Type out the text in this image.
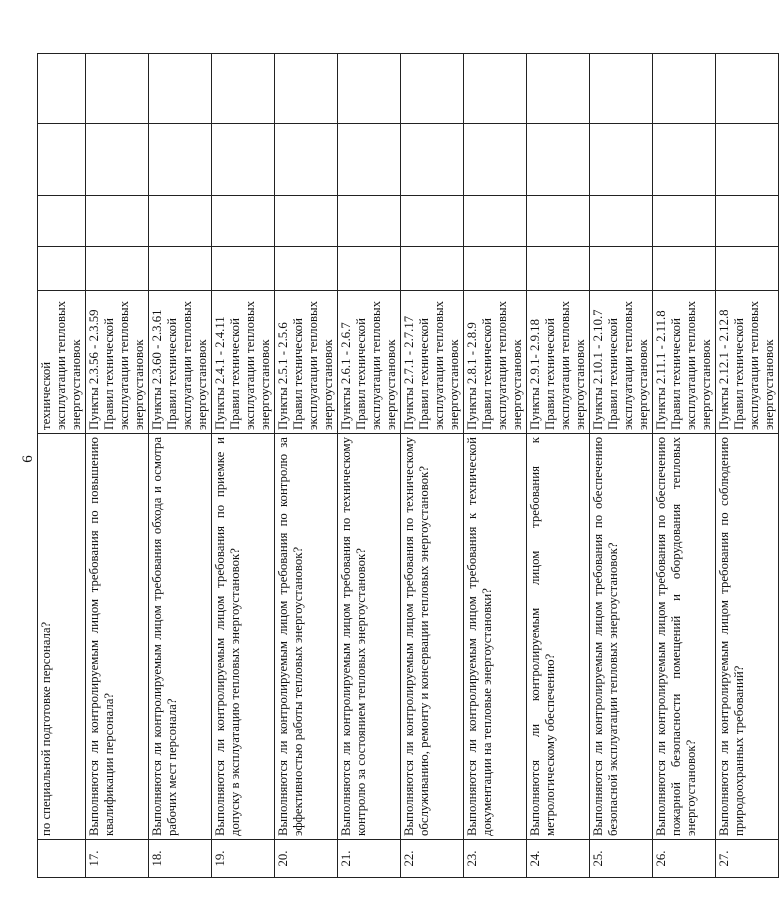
6
	по специальной подготовке персонала?	технической эксплуатации тепловых энергоустановок				
17.	Выполняются ли контролируемым лицом требования по повышению квалификации персонала?	Пункты 2.3.56 - 2.3.59 Правил технической эксплуатации тепловых энергоустановок				
18.	Выполняются ли контролируемым лицом требования обхода и осмотра рабочих мест персонала?	Пункты 2.3.60 - 2.3.61 Правил технической эксплуатации тепловых энергоустановок				
19.	Выполняются ли контролируемым лицом требования по приемке и допуску в эксплуатацию тепловых энергоустановок?	Пункты 2.4.1 - 2.4.11 Правил технической эксплуатации тепловых энергоустановок				
20.	Выполняются ли контролируемым лицом требования по контролю за эффективностью работы тепловых энергоустановок?	Пункты 2.5.1 - 2.5.6 Правил технической эксплуатации тепловых энергоустановок				
21.	Выполняются ли контролируемым лицом требования по техническому контролю за состоянием тепловых энергоустановок?	Пункты 2.6.1 - 2.6.7 Правил технической эксплуатации тепловых энергоустановок				
22.	Выполняются ли контролируемым лицом требования по техническому обслуживанию, ремонту и консервации тепловых энергоустановок?	Пункты 2.7.1 - 2.7.17 Правил технической эксплуатации тепловых энергоустановок				
23.	Выполняются ли контролируемым лицом требования к технической документации на тепловые энергоустановки?	Пункты 2.8.1 - 2.8.9 Правил технической эксплуатации тепловых энергоустановок				
24.	Выполняются ли контролируемым лицом требования к метрологическому обеспечению?	Пункты 2.9.1- 2.9.18 Правил технической эксплуатации тепловых энергоустановок				
25.	Выполняются ли контролируемым лицом требования по обеспечению безопасной эксплуатации тепловых энергоустановок?	Пункты 2.10.1 - 2.10.7 Правил технической эксплуатации тепловых энергоустановок				
26.	Выполняются ли контролируемым лицом требования по обеспечению пожарной безопасности помещений и оборудования тепловых энергоустановок?	Пункты 2.11.1 - 2.11.8 Правил технической эксплуатации тепловых энергоустановок				
27.	Выполняются ли контролируемым лицом требования по соблюдению природоохранных требований?	Пункты 2.12.1 - 2.12.8 Правил технической эксплуатации тепловых энергоустановок				
